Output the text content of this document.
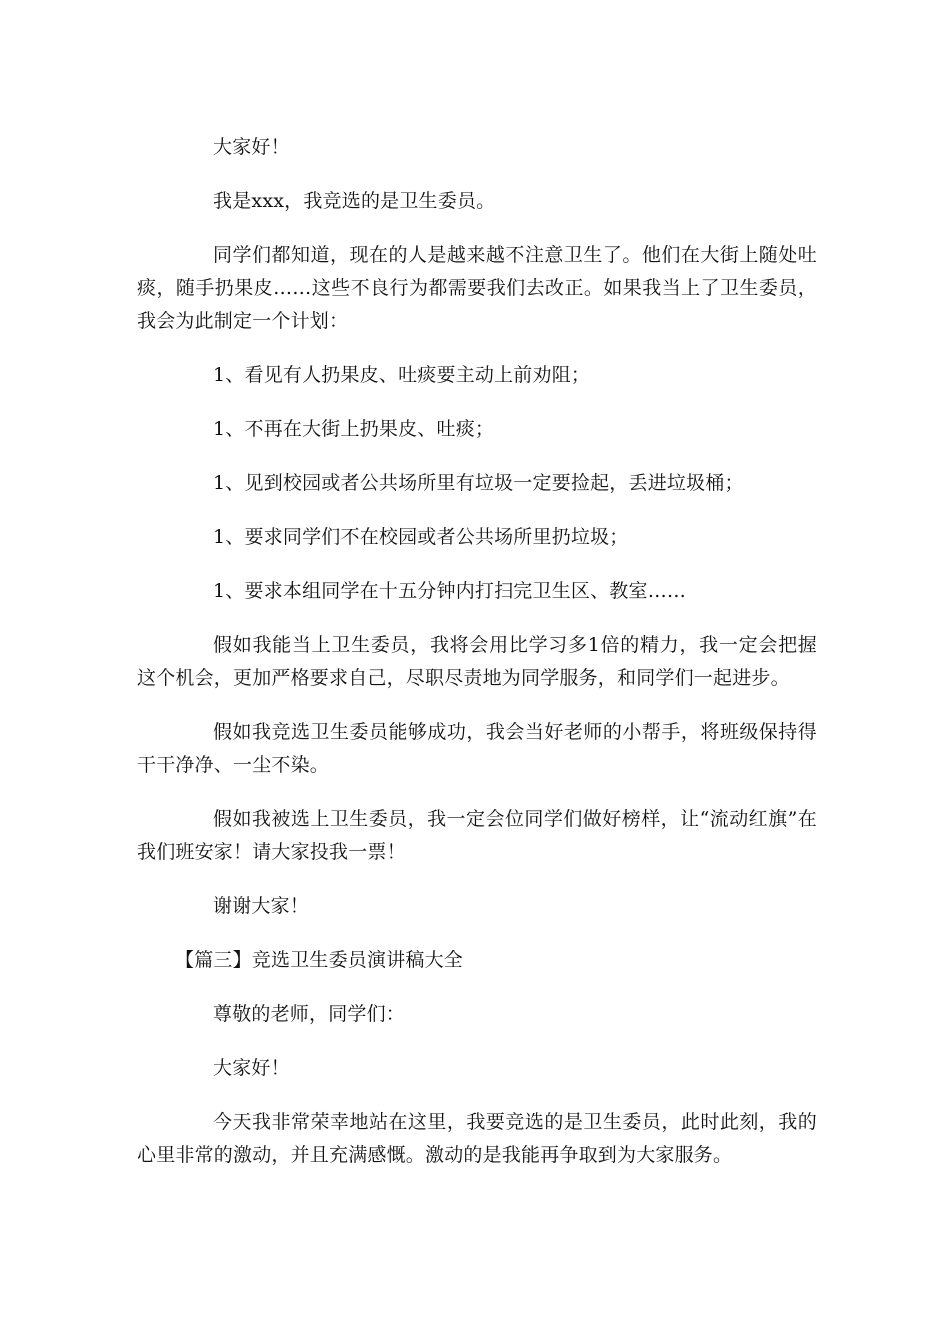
大家好！

我是xxx，我竞选的是卫生委员。

同学们都知道，现在的人是越来越不注意卫生了。他们在大街上随处吐痰，随手扔果皮……这些不良行为都需要我们去改正。如果我当上了卫生委员，我会为此制定一个计划：

1、看见有人扔果皮、吐痰要主动上前劝阻；

1、不再在大街上扔果皮、吐痰；

1、见到校园或者公共场所里有垃圾一定要捡起，丢进垃圾桶；

1、要求同学们不在校园或者公共场所里扔垃圾；

1、要求本组同学在十五分钟内打扫完卫生区、教室……

假如我能当上卫生委员，我将会用比学习多1倍的精力，我一定会把握这个机会，更加严格要求自己，尽职尽责地为同学服务，和同学们一起进步。

假如我竞选卫生委员能够成功，我会当好老师的小帮手，将班级保持得干干净净、一尘不染。

假如我被选上卫生委员，我一定会位同学们做好榜样，让“流动红旗”在我们班安家！请大家投我一票！

谢谢大家！

【篇三】竞选卫生委员演讲稿大全

尊敬的老师，同学们：

大家好！

今天我非常荣幸地站在这里，我要竞选的是卫生委员，此时此刻，我的心里非常的激动，并且充满感慨。激动的是我能再争取到为大家服务。
